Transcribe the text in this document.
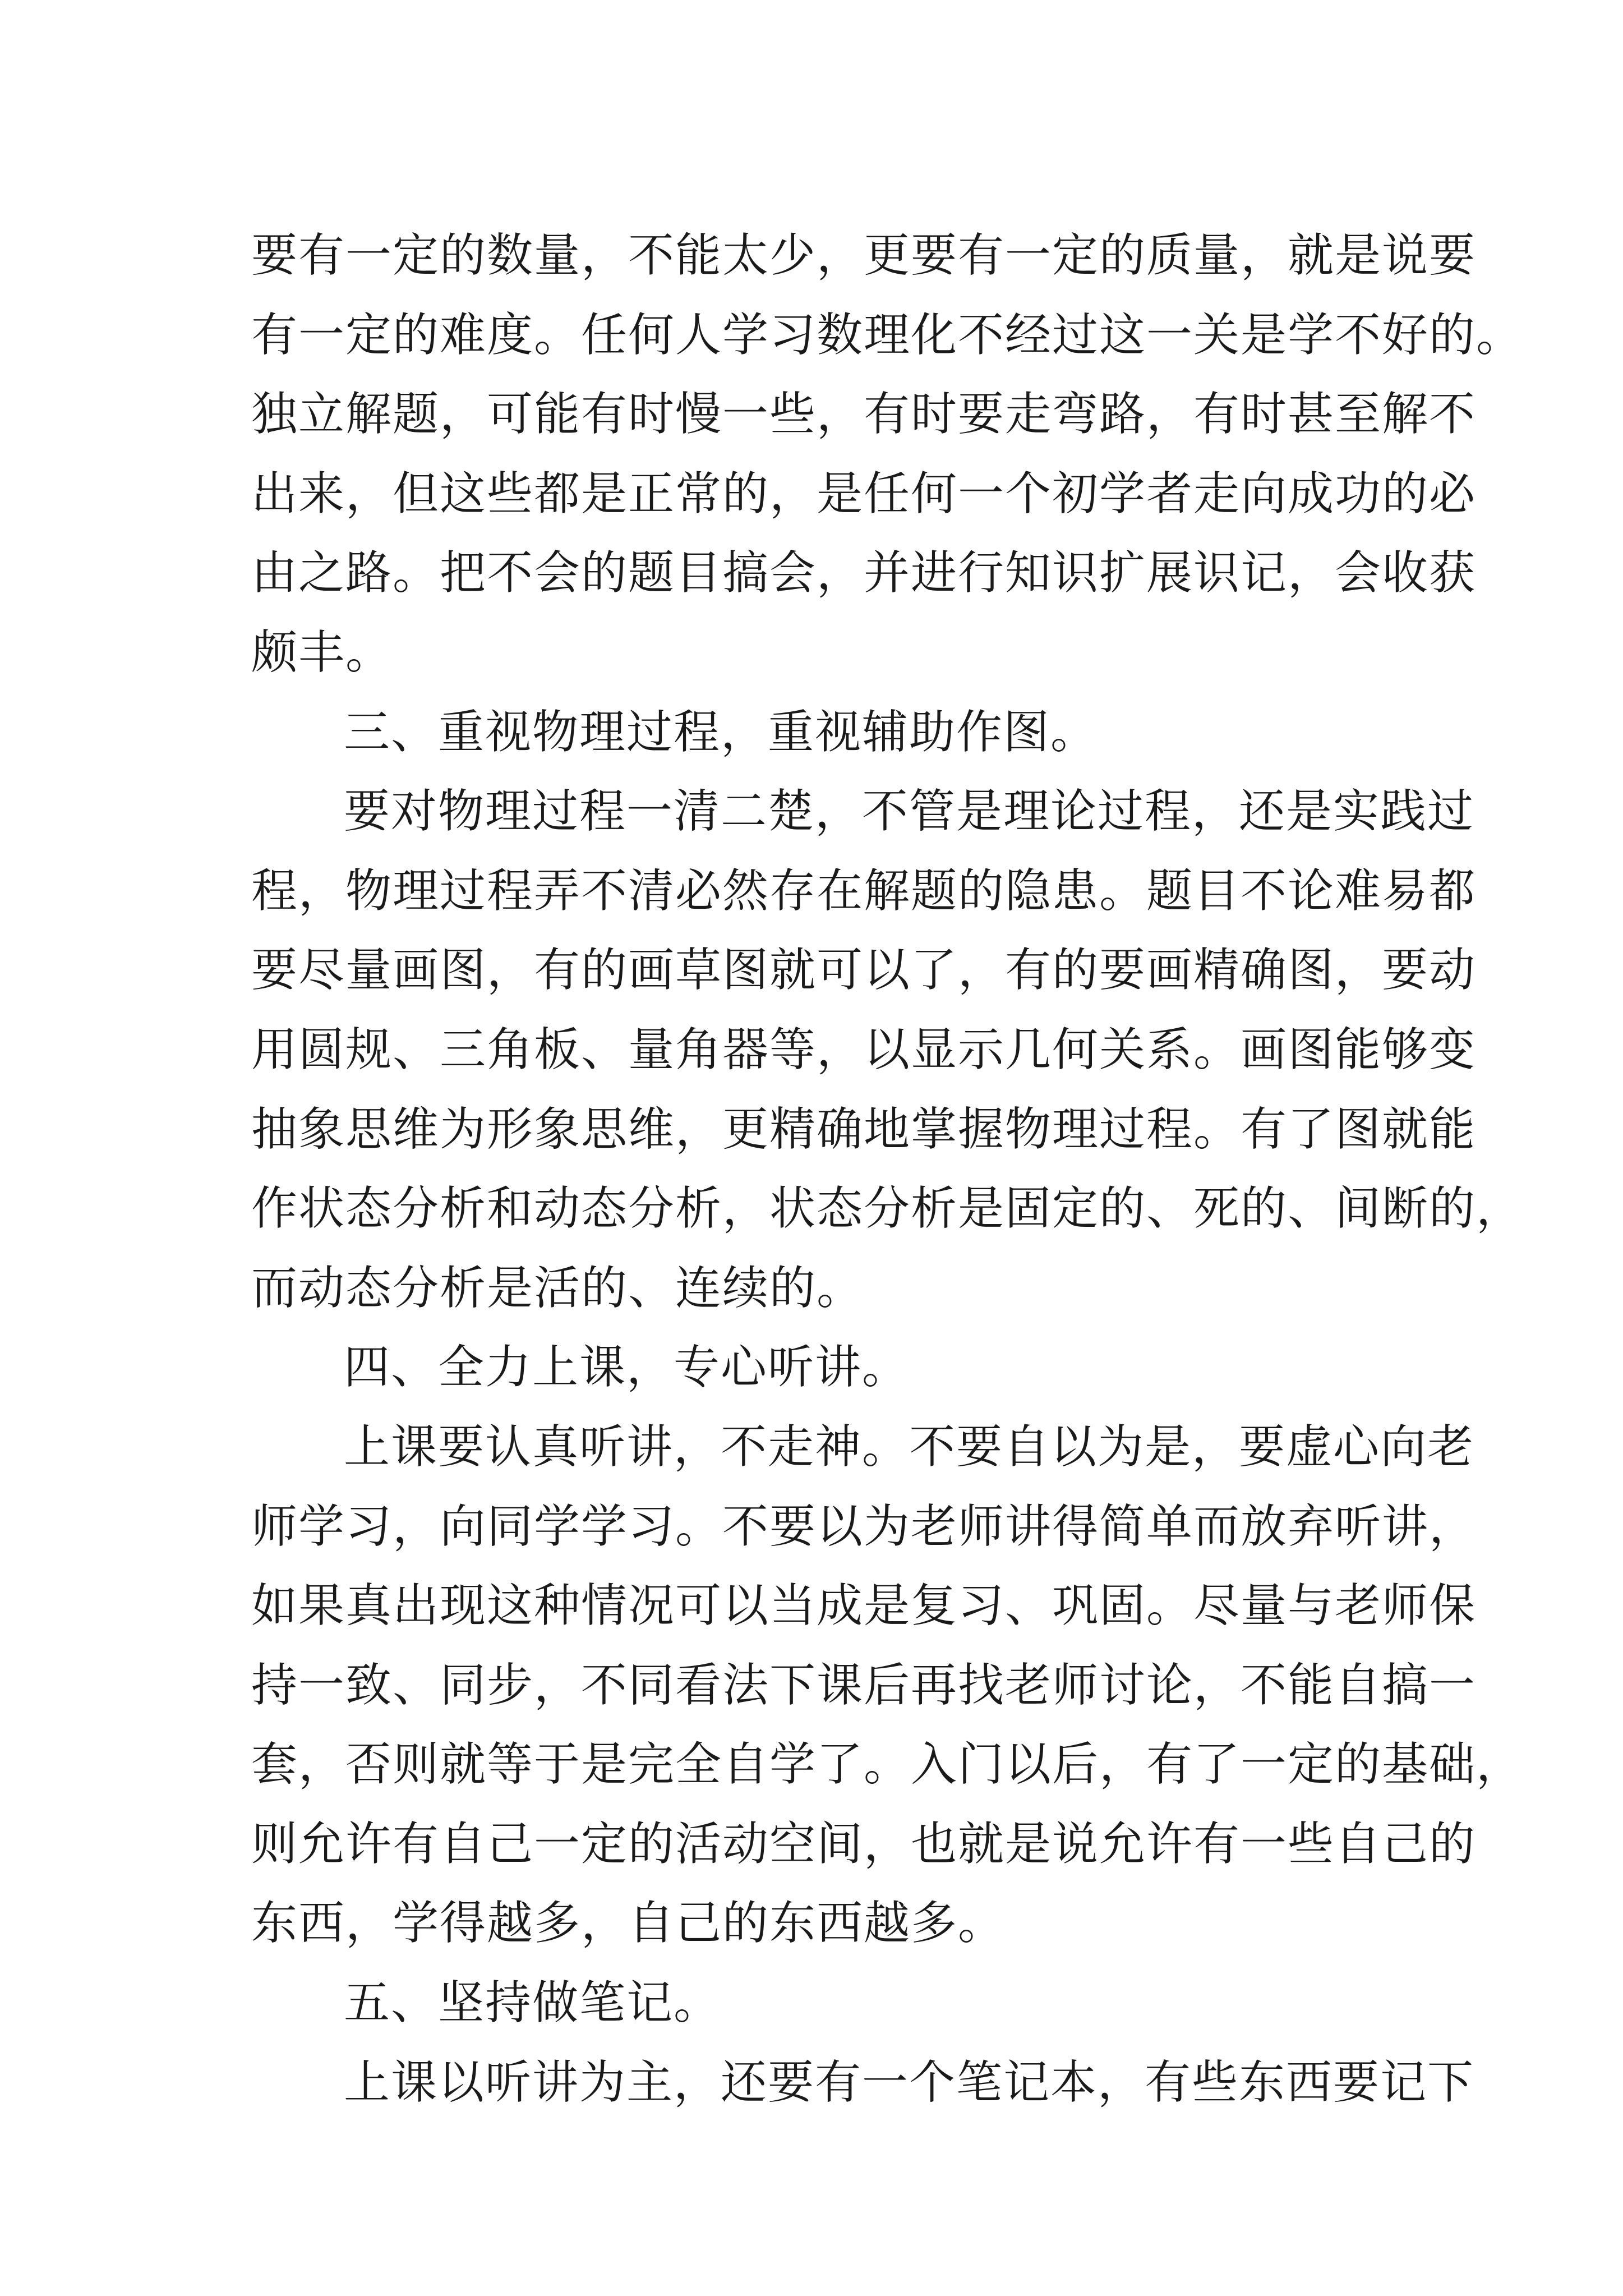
要有一定的数量，不能太少，更要有一定的质量，就是说要
有一定的难度。任何人学习数理化不经过这一关是学不好的。
独立解题，可能有时慢一些，有时要走弯路，有时甚至解不
出来，但这些都是正常的，是任何一个初学者走向成功的必
由之路。把不会的题目搞会，并进行知识扩展识记，会收获
颇丰。
三、重视物理过程，重视辅助作图。
要对物理过程一清二楚，不管是理论过程，还是实践过
程，物理过程弄不清必然存在解题的隐患。题目不论难易都
要尽量画图，有的画草图就可以了，有的要画精确图，要动
用圆规、三角板、量角器等，以显示几何关系。画图能够变
抽象思维为形象思维，更精确地掌握物理过程。有了图就能
作状态分析和动态分析，状态分析是固定的、死的、间断的，
而动态分析是活的、连续的。
四、全力上课，专心听讲。
上课要认真听讲，不走神。不要自以为是，要虚心向老
师学习，向同学学习。不要以为老师讲得简单而放弃听讲，
如果真出现这种情况可以当成是复习、巩固。尽量与老师保
持一致、同步，不同看法下课后再找老师讨论，不能自搞一
套，否则就等于是完全自学了。入门以后，有了一定的基础，
则允许有自己一定的活动空间，也就是说允许有一些自己的
东西，学得越多，自己的东西越多。
五、坚持做笔记。
上课以听讲为主，还要有一个笔记本，有些东西要记下
